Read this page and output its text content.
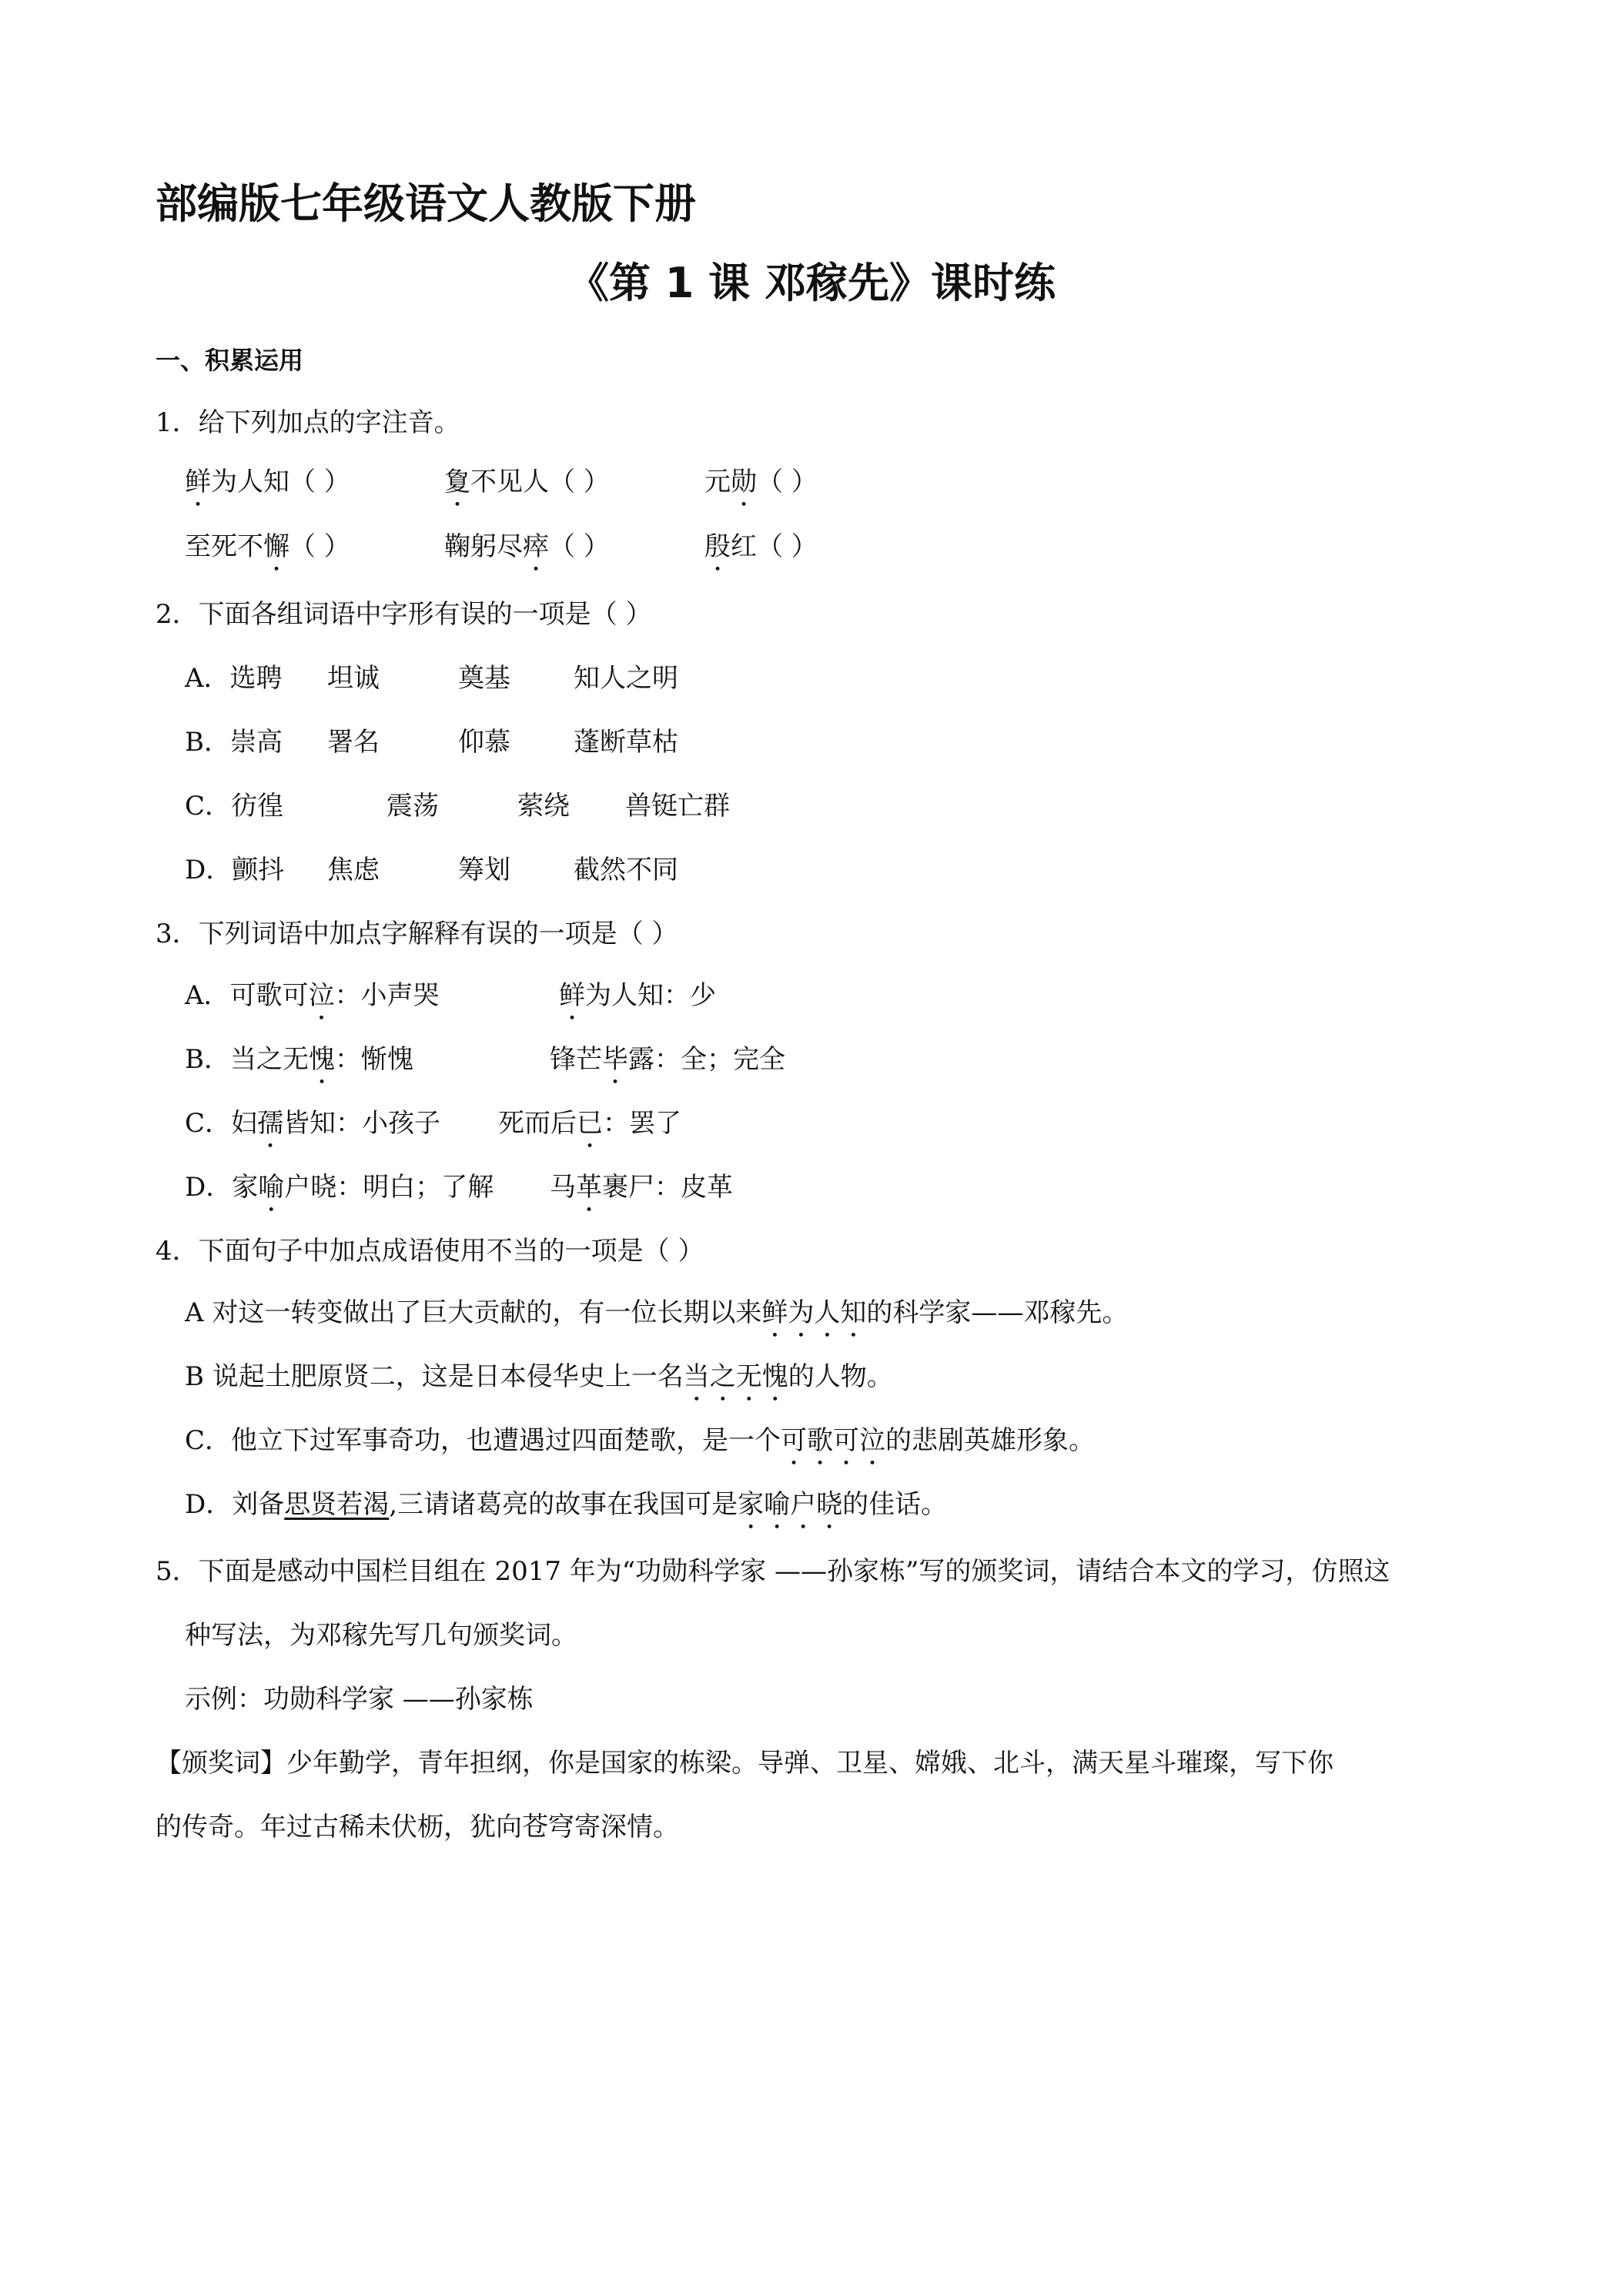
部编版七年级语文人教版下册
《第 1 课 邓稼先》课时练
一、积累运用
1．给下列加点的字注音。
鲜为人知（ ）	夐不见人（ ）	元勋（ ）
至死不懈（ ）	鞠躬尽瘁（ ）	殷红（ ）
2．下面各组词语中字形有误的一项是（ ）
A．选聘 坦诚	奠基 知人之明
B．崇高 署名	仰慕 蓬断草枯
C．彷徨	震荡	萦绕 兽铤亡群
D．颤抖 焦虑	筹划 截然不同
3．下列词语中加点字解释有误的一项是（ ）
A．可歌可泣：小声哭	鲜为人知：少
B．当之无愧：惭愧	锋芒毕露：全；完全
C．妇孺皆知：小孩子 死而后已：罢了
D．家喻户晓：明白；了解 马革裹尸：皮革
4．下面句子中加点成语使用不当的一项是（ ）
A 对这一转变做出了巨大贡献的，有一位长期以来鲜为人知的科学家——邓稼先。
B 说起土肥原贤二，这是日本侵华史上一名当之无愧的人物。
C．他立下过军事奇功，也遭遇过四面楚歌，是一个可歌可泣的悲剧英雄形象。
D．刘备思贤若渴,三请诸葛亮的故事在我国可是家喻户晓的佳话。
5．下面是感动中国栏目组在 2017 年为“功勋科学家 ——孙家栋”写的颁奖词，请结合本文的学习，仿照这
种写法，为邓稼先写几句颁奖词。
示例：功勋科学家 ——孙家栋
【颁奖词】少年勤学，青年担纲，你是国家的栋梁。导弹、卫星、嫦娥、北斗，满天星斗璀璨，写下你
的传奇。年过古稀未伏枥，犹向苍穹寄深情。
